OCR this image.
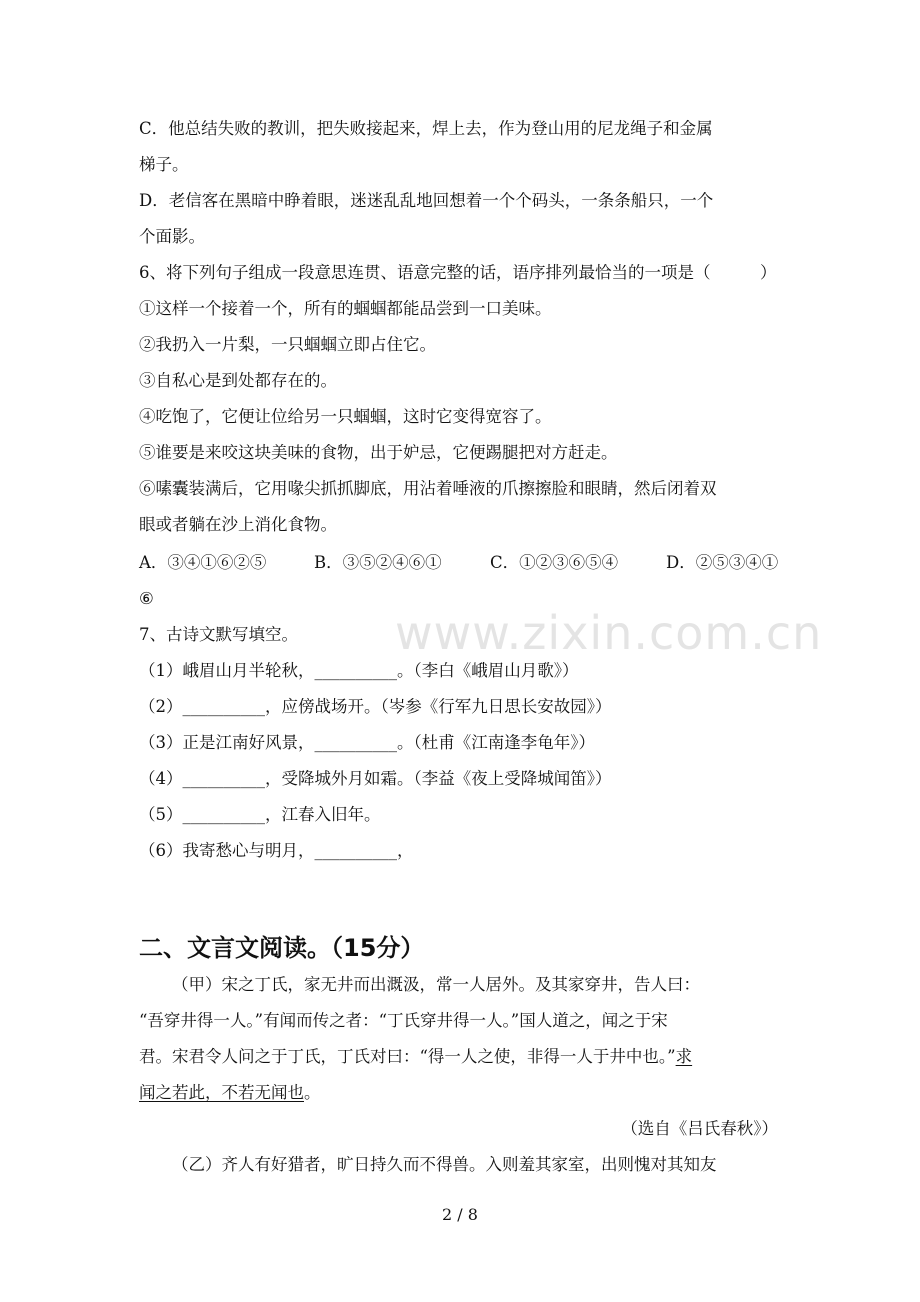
C．他总结失败的教训，把失败接起来，焊上去，作为登山用的尼龙绳子和金属
梯子。
D．老信客在黑暗中睁着眼，迷迷乱乱地回想着一个个码头，一条条船只，一个
个面影。
6、将下列句子组成一段意思连贯、语意完整的话，语序排列最恰当的一项是（　　　）
①这样一个接着一个，所有的蝈蝈都能品尝到一口美味。
②我扔入一片梨，一只蝈蝈立即占住它。
③自私心是到处都存在的。
④吃饱了，它便让位给另一只蝈蝈，这时它变得宽容了。
⑤谁要是来咬这块美味的食物，出于妒忌，它便踢腿把对方赶走。
⑥嗉囊装满后，它用喙尖抓抓脚底，用沾着唾液的爪擦擦脸和眼睛，然后闭着双
眼或者躺在沙上消化食物。
A．③④①⑥②⑤	B．③⑤②④⑥①	C．①②③⑥⑤④	D．②⑤③④①
⑥
www.zixin.com.cn
7、古诗文默写填空。
（1）峨眉山月半轮秋，__________。（李白《峨眉山月歌》）
（2）__________，应傍战场开。（岑参《行军九日思长安故园》）
（3）正是江南好风景，__________。（杜甫《江南逢李龟年》）
（4）__________，受降城外月如霜。（李益《夜上受降城闻笛》）
（5）__________，江春入旧年。
（6）我寄愁心与明月，__________，
二、文言文阅读。（15分）
（甲）宋之丁氏，家无井而出溉汲，常一人居外。及其家穿井，告人曰：
“吾穿井得一人。”有闻而传之者：“丁氏穿井得一人。”国人道之，闻之于宋
君。宋君令人问之于丁氏，丁氏对曰：“得一人之使，非得一人于井中也。”求
闻之若此，不若无闻也。
（选自《吕氏春秋》）
（乙）齐人有好猎者，旷日持久而不得兽。入则羞其家室，出则愧对其知友
2 / 8
